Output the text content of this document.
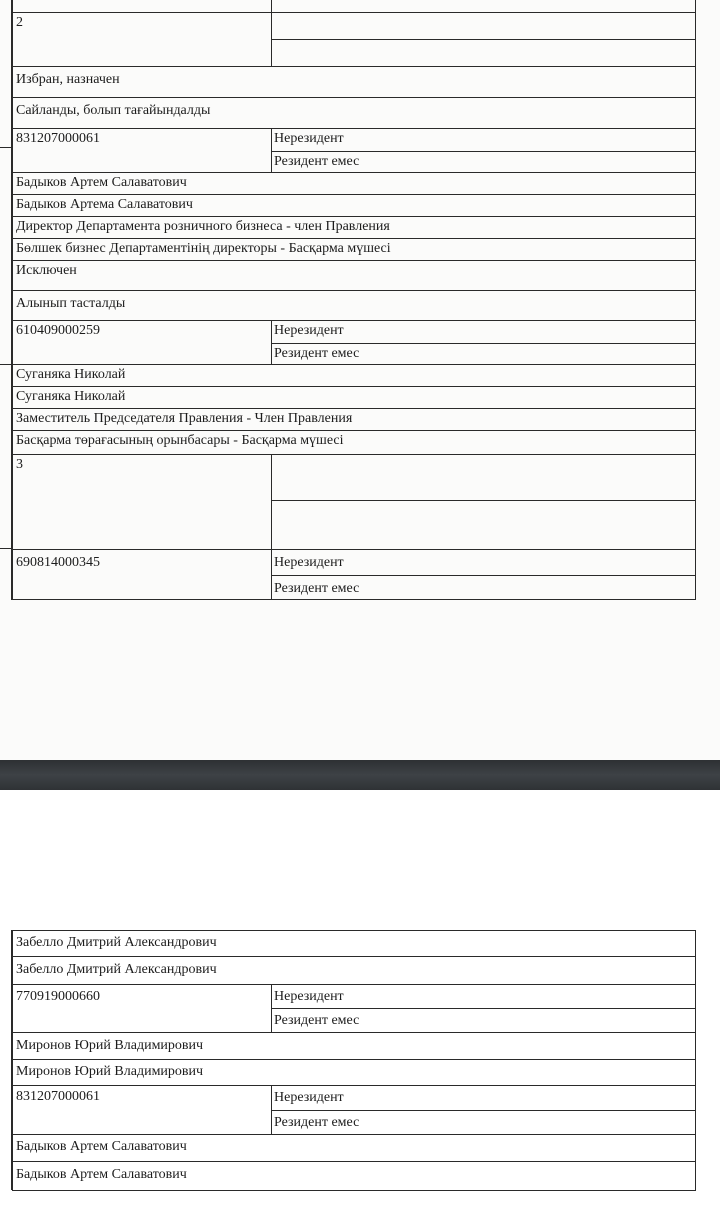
2
Избран, назначен
Сайланды, болып тағайындалды
831207000061	Нерезидент
Резидент емес
Бадыков Артем Салаватович
Бадыков Артема Салаватович
Директор Департамента розничного бизнеса - член Правления
Бөлшек бизнес Департаментінің директоры - Басқарма мүшесі
Исключен
Алынып тасталды
610409000259	Нерезидент
Резидент емес
Суганяка Николай
Суганяка Николай
Заместитель Председателя Правления - Член Правления
Басқарма төрағасының орынбасары - Басқарма мүшесі
3
690814000345	Нерезидент
Резидент емес
Забелло Дмитрий Александрович
Забелло Дмитрий Александрович
770919000660	Нерезидент
Резидент емес
Миронов Юрий Владимирович
Миронов Юрий Владимирович
831207000061	Нерезидент
Резидент емес
Бадыков Артем Салаватович
Бадыков Артем Салаватович
